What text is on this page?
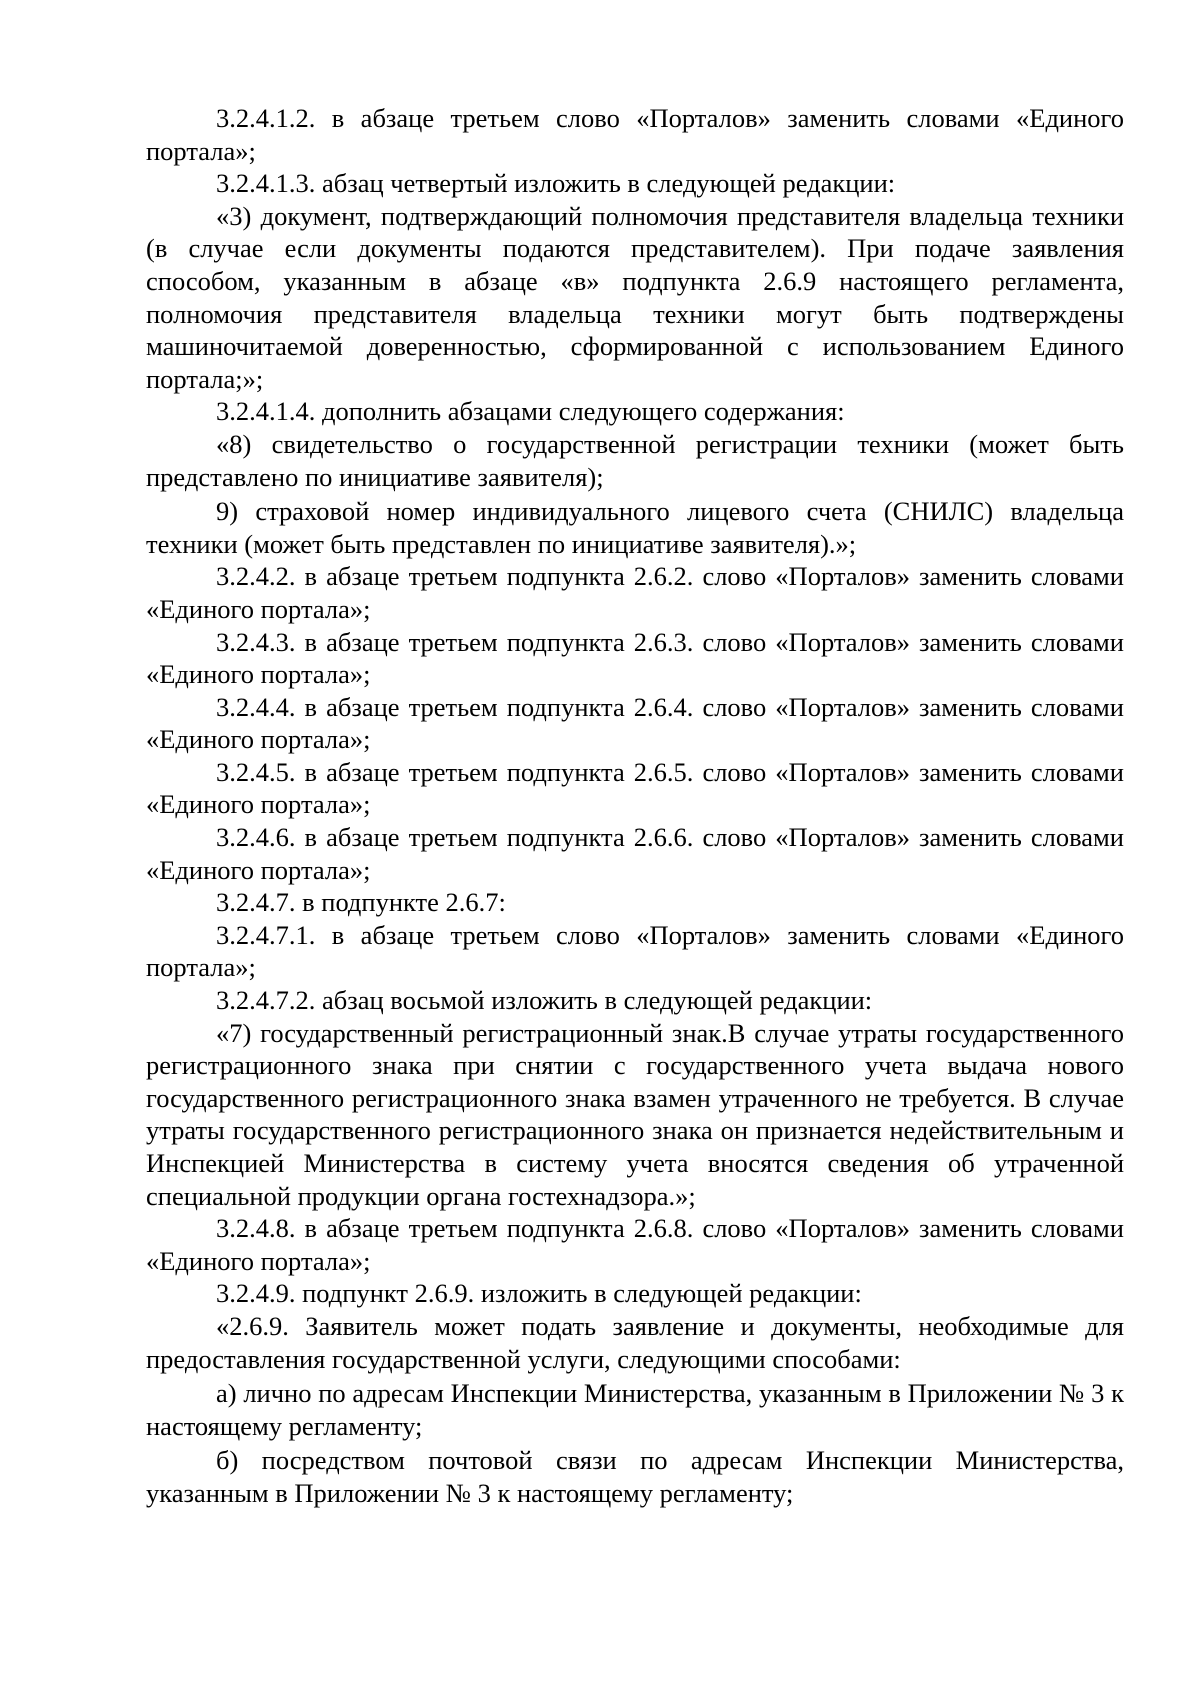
3.2.4.1.2. в абзаце третьем слово «Порталов» заменить словами «Единого портала»;

3.2.4.1.3. абзац четвертый изложить в следующей редакции:

«3) документ, подтверждающий полномочия представителя владельца техники (в случае если документы подаются представителем). При подаче заявления способом, указанным в абзаце «в» подпункта 2.6.9 настоящего регламента, полномочия представителя владельца техники могут быть подтверждены машиночитаемой доверенностью, сформированной с использованием Единого портала;»;

3.2.4.1.4. дополнить абзацами следующего содержания:

«8) свидетельство о государственной регистрации техники (может быть представлено по инициативе заявителя);

9) страховой номер индивидуального лицевого счета (СНИЛС) владельца техники (может быть представлен по инициативе заявителя).»;

3.2.4.2. в абзаце третьем подпункта 2.6.2. слово «Порталов» заменить словами «Единого портала»;

3.2.4.3. в абзаце третьем подпункта 2.6.3. слово «Порталов» заменить словами «Единого портала»;

3.2.4.4. в абзаце третьем подпункта 2.6.4. слово «Порталов» заменить словами «Единого портала»;

3.2.4.5. в абзаце третьем подпункта 2.6.5. слово «Порталов» заменить словами «Единого портала»;

3.2.4.6. в абзаце третьем подпункта 2.6.6. слово «Порталов» заменить словами «Единого портала»;

3.2.4.7. в подпункте 2.6.7:

3.2.4.7.1. в абзаце третьем слово «Порталов» заменить словами «Единого портала»;

3.2.4.7.2. абзац восьмой изложить в следующей редакции:

«7) государственный регистрационный знак.В случае утраты государственного регистрационного знака при снятии с государственного учета выдача нового государственного регистрационного знака взамен утраченного не требуется. В случае утраты государственного регистрационного знака он признается недействительным и Инспекцией Министерства в систему учета вносятся сведения об утраченной специальной продукции органа гостехнадзора.»;

3.2.4.8. в абзаце третьем подпункта 2.6.8. слово «Порталов» заменить словами «Единого портала»;

3.2.4.9. подпункт 2.6.9. изложить в следующей редакции:

«2.6.9. Заявитель может подать заявление и документы, необходимые для предоставления государственной услуги, следующими способами:

а) лично по адресам Инспекции Министерства, указанным в Приложении № 3 к настоящему регламенту;

б) посредством почтовой связи по адресам Инспекции Министерства, указанным в Приложении № 3 к настоящему регламенту;
